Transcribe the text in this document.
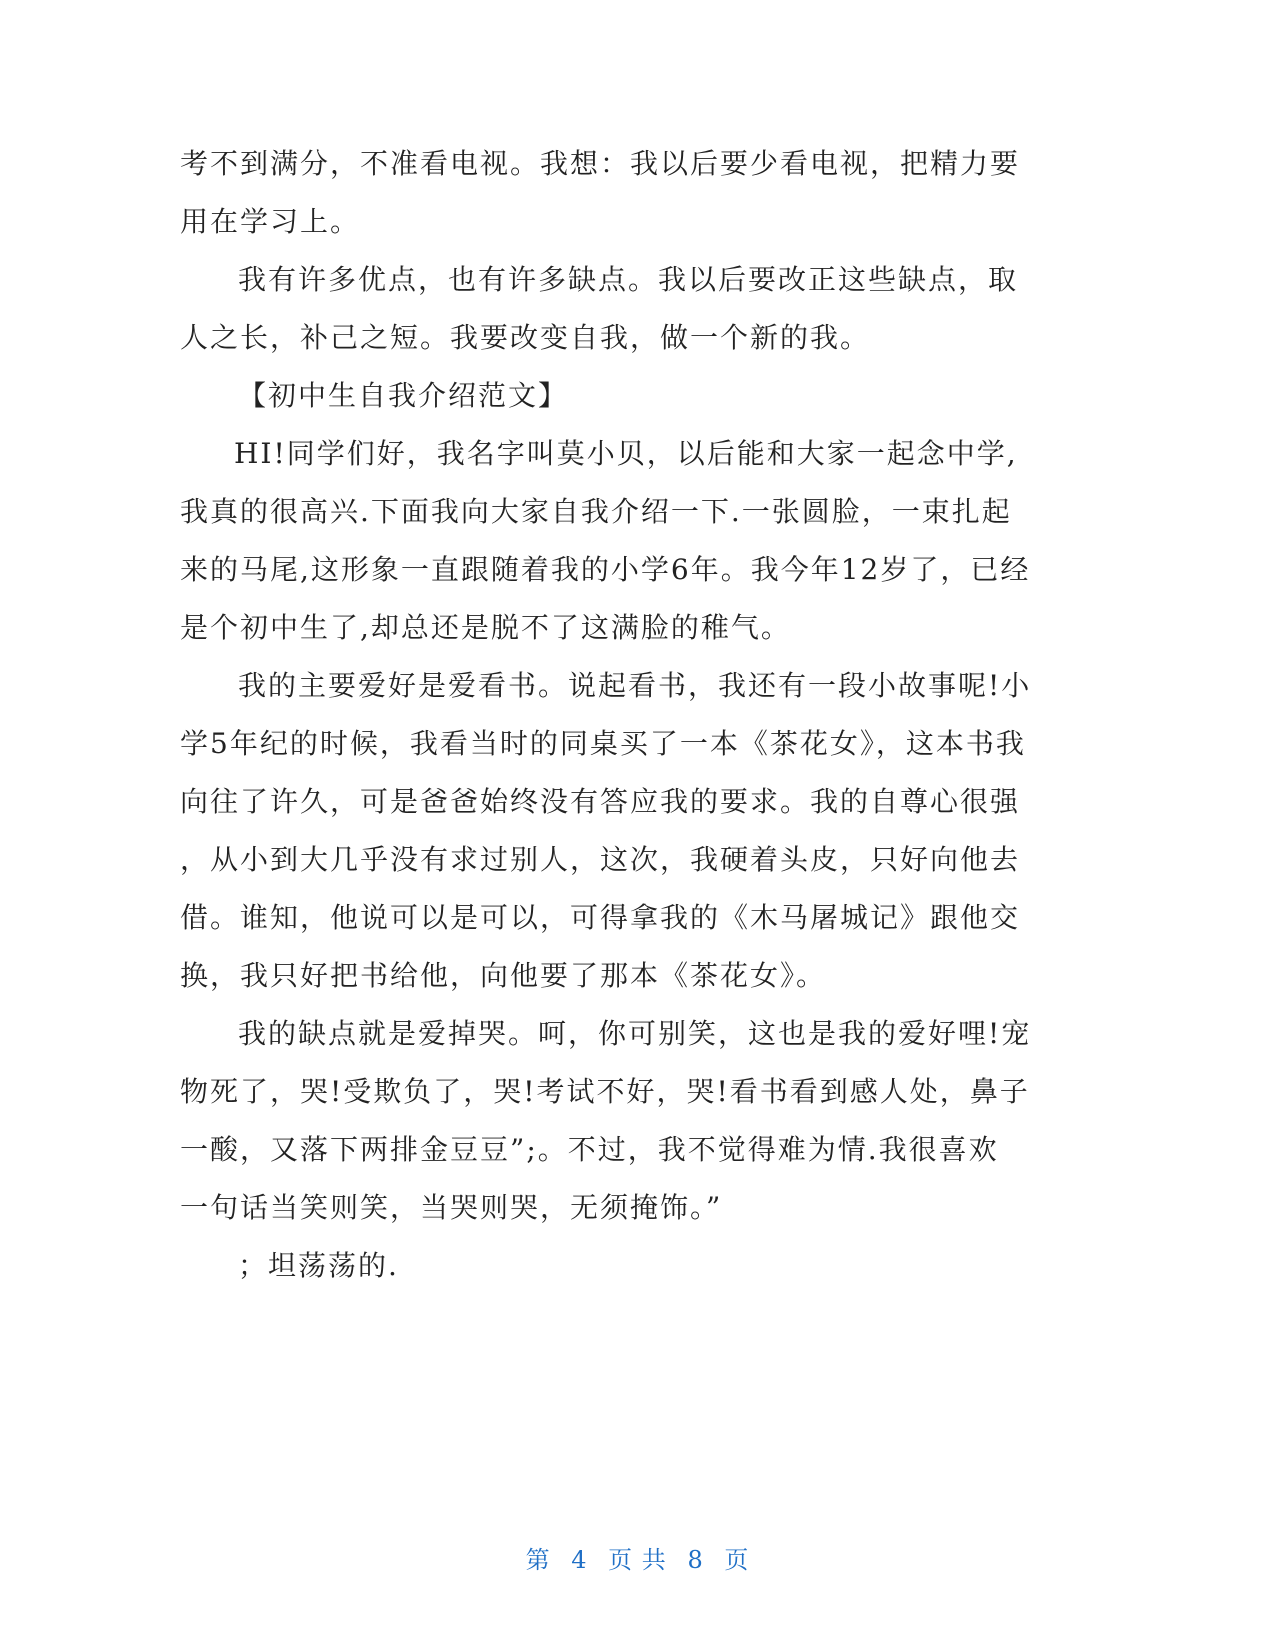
考不到满分，不准看电视。我想：我以后要少看电视，把精力要
用在学习上。
我有许多优点，也有许多缺点。我以后要改正这些缺点，取
人之长，补己之短。我要改变自我，做一个新的我。
【初中生自我介绍范文】
HI!同学们好，我名字叫莫小贝，以后能和大家一起念中学,
我真的很高兴.下面我向大家自我介绍一下.一张圆脸，一束扎起
来的马尾,这形象一直跟随着我的小学6年。我今年12岁了，已经
是个初中生了,却总还是脱不了这满脸的稚气。
我的主要爱好是爱看书。说起看书，我还有一段小故事呢!小
学5年纪的时候，我看当时的同桌买了一本《茶花女》，这本书我
向往了许久，可是爸爸始终没有答应我的要求。我的自尊心很强
，从小到大几乎没有求过别人，这次，我硬着头皮，只好向他去
借。谁知，他说可以是可以，可得拿我的《木马屠城记》跟他交
换，我只好把书给他，向他要了那本《茶花女》。
我的缺点就是爱掉哭。呵，你可别笑，这也是我的爱好哩!宠
物死了，哭!受欺负了，哭!考试不好，哭!看书看到感人处，鼻子
一酸，又落下两排金豆豆”;。不过，我不觉得难为情.我很喜欢
一句话当笑则笑，当哭则哭，无须掩饰。”
；坦荡荡的.
第 4 页 共 8 页
